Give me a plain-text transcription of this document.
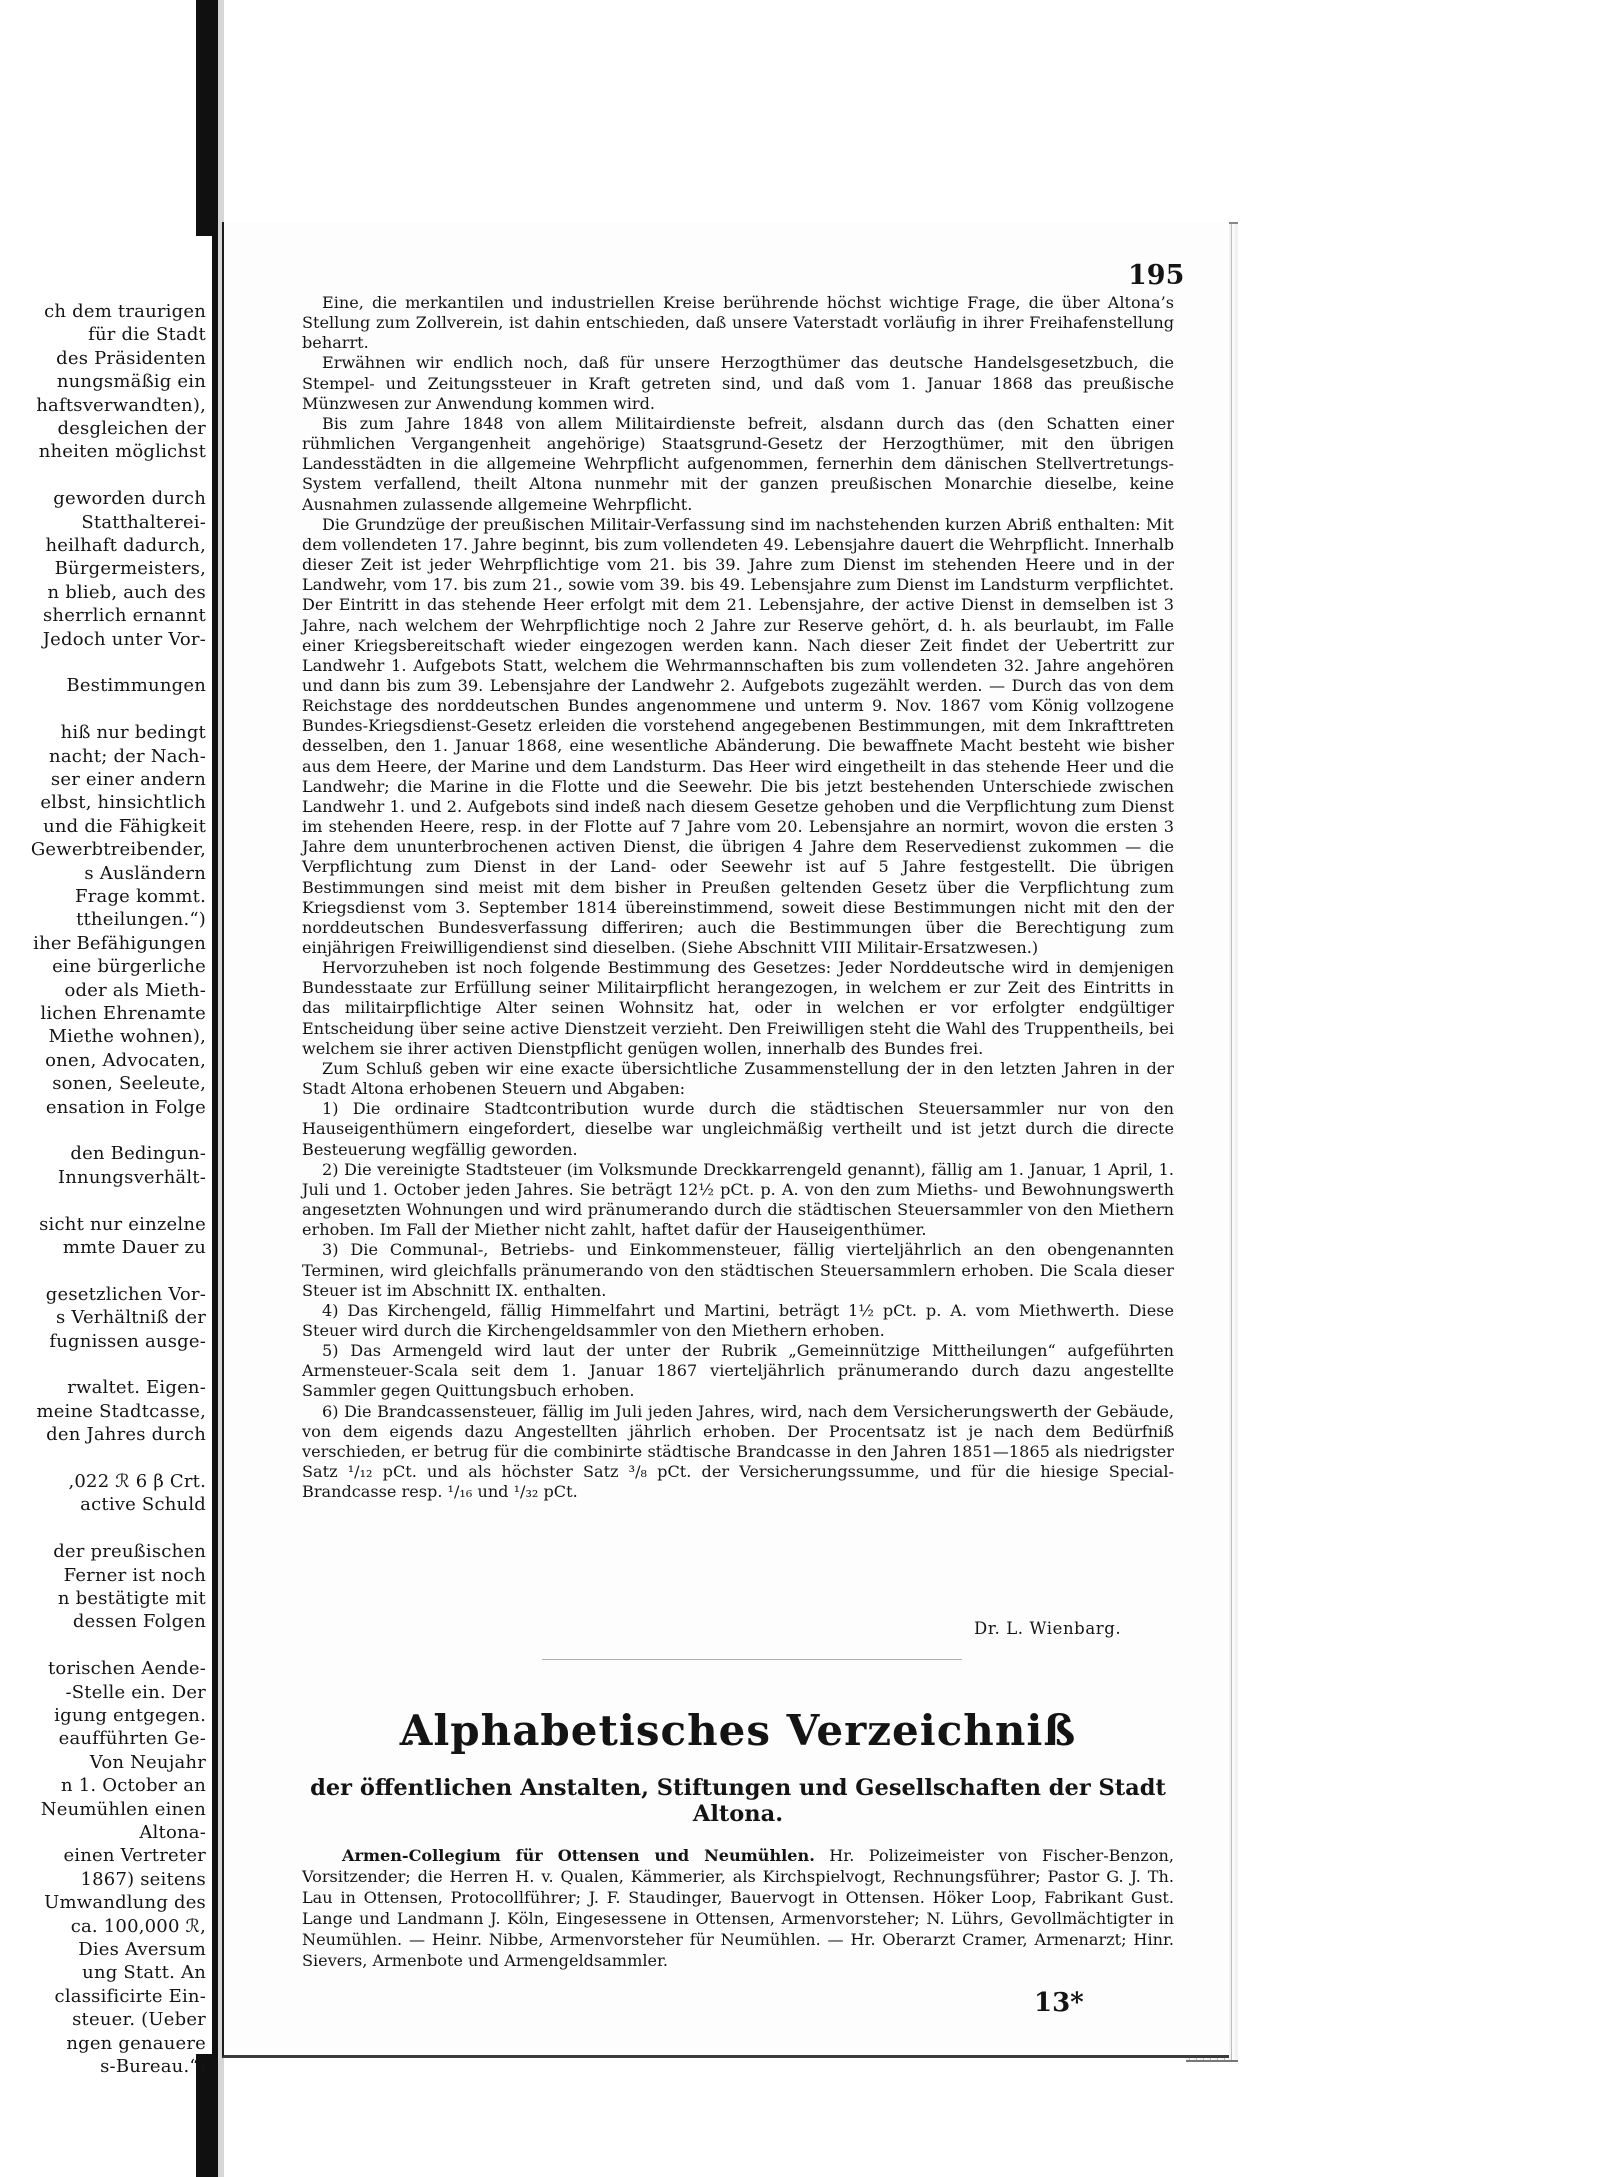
ch dem traurigen
für die Stadt
des Präsidenten
nungsmäßig ein
haftsverwandten),
desgleichen der
nheiten möglichst
geworden durch
Statthalterei-
heilhaft dadurch,
Bürgermeisters,
n blieb, auch des
sherrlich ernannt
Jedoch unter Vor-
Bestimmungen
hiß nur bedingt
nacht; der Nach-
ser einer andern
elbst, hinsichtlich
und die Fähigkeit
Gewerbtreibender,
s Ausländern
Frage kommt.
ttheilungen.“)
iher Befähigungen
eine bürgerliche
oder als Mieth-
lichen Ehrenamte
Miethe wohnen),
onen, Advocaten,
sonen, Seeleute,
ensation in Folge
den Bedingun-
Innungsverhält-
sicht nur einzelne
mmte Dauer zu
gesetzlichen Vor-
s Verhältniß der
fugnissen ausge-
rwaltet. Eigen-
meine Stadtcasse,
den Jahres durch
,022 ℛ 6 β Crt.
active Schuld
der preußischen
Ferner ist noch
n bestätigte mit
dessen Folgen
torischen Aende-
-Stelle ein. Der
igung entgegen.
eaufführten Ge-
Von Neujahr
n 1. October an
Neumühlen einen
Altona-
einen Vertreter
1867) seitens
Umwandlung des
ca. 100,000 ℛ,
Dies Aversum
ung Statt. An
classificirte Ein-
steuer. (Ueber
ngen genauere
s-Bureau.“)
195

Eine, die merkantilen und industriellen Kreise berührende höchst wichtige Frage, die über Altona’s Stellung zum Zollverein, ist dahin entschieden, daß unsere Vaterstadt vorläufig in ihrer Freihafenstellung beharrt.

Erwähnen wir endlich noch, daß für unsere Herzogthümer das deutsche Handelsgesetzbuch, die Stempel- und Zeitungssteuer in Kraft getreten sind, und daß vom 1. Januar 1868 das preußische Münzwesen zur Anwendung kommen wird.

Bis zum Jahre 1848 von allem Militairdienste befreit, alsdann durch das (den Schatten einer rühmlichen Vergangenheit angehörige) Staatsgrund-Gesetz der Herzogthümer, mit den übrigen Landesstädten in die allgemeine Wehrpflicht aufgenommen, fernerhin dem dänischen Stellvertretungs-System verfallend, theilt Altona nunmehr mit der ganzen preußischen Monarchie dieselbe, keine Ausnahmen zulassende allgemeine Wehrpflicht.

Die Grundzüge der preußischen Militair-Verfassung sind im nachstehenden kurzen Abriß enthalten: Mit dem vollendeten 17. Jahre beginnt, bis zum vollendeten 49. Lebensjahre dauert die Wehrpflicht. Innerhalb dieser Zeit ist jeder Wehrpflichtige vom 21. bis 39. Jahre zum Dienst im stehenden Heere und in der Landwehr, vom 17. bis zum 21., sowie vom 39. bis 49. Lebensjahre zum Dienst im Landsturm verpflichtet. Der Eintritt in das stehende Heer erfolgt mit dem 21. Lebensjahre, der active Dienst in demselben ist 3 Jahre, nach welchem der Wehrpflichtige noch 2 Jahre zur Reserve gehört, d. h. als beurlaubt, im Falle einer Kriegsbereitschaft wieder eingezogen werden kann. Nach dieser Zeit findet der Uebertritt zur Landwehr 1. Aufgebots Statt, welchem die Wehrmannschaften bis zum vollendeten 32. Jahre angehören und dann bis zum 39. Lebensjahre der Landwehr 2. Aufgebots zugezählt werden. — Durch das von dem Reichstage des norddeutschen Bundes angenommene und unterm 9. Nov. 1867 vom König vollzogene Bundes-Kriegsdienst-Gesetz erleiden die vorstehend angegebenen Bestimmungen, mit dem Inkrafttreten desselben, den 1. Januar 1868, eine wesentliche Abänderung. Die bewaffnete Macht besteht wie bisher aus dem Heere, der Marine und dem Landsturm. Das Heer wird eingetheilt in das stehende Heer und die Landwehr; die Marine in die Flotte und die Seewehr. Die bis jetzt bestehenden Unterschiede zwischen Landwehr 1. und 2. Aufgebots sind indeß nach diesem Gesetze gehoben und die Verpflichtung zum Dienst im stehenden Heere, resp. in der Flotte auf 7 Jahre vom 20. Lebensjahre an normirt, wovon die ersten 3 Jahre dem ununterbrochenen activen Dienst, die übrigen 4 Jahre dem Reservedienst zukommen — die Verpflichtung zum Dienst in der Land- oder Seewehr ist auf 5 Jahre festgestellt. Die übrigen Bestimmungen sind meist mit dem bisher in Preußen geltenden Gesetz über die Verpflichtung zum Kriegsdienst vom 3. September 1814 übereinstimmend, soweit diese Bestimmungen nicht mit den der norddeutschen Bundesverfassung differiren; auch die Bestimmungen über die Berechtigung zum einjährigen Freiwilligendienst sind dieselben. (Siehe Abschnitt VIII Militair-Ersatzwesen.)

Hervorzuheben ist noch folgende Bestimmung des Gesetzes: Jeder Norddeutsche wird in demjenigen Bundesstaate zur Erfüllung seiner Militairpflicht herangezogen, in welchem er zur Zeit des Eintritts in das militairpflichtige Alter seinen Wohnsitz hat, oder in welchen er vor erfolgter endgültiger Entscheidung über seine active Dienstzeit verzieht. Den Freiwilligen steht die Wahl des Truppentheils, bei welchem sie ihrer activen Dienstpflicht genügen wollen, innerhalb des Bundes frei.

Zum Schluß geben wir eine exacte übersichtliche Zusammenstellung der in den letzten Jahren in der Stadt Altona erhobenen Steuern und Abgaben:

1) Die ordinaire Stadtcontribution wurde durch die städtischen Steuersammler nur von den Hauseigenthümern eingefordert, dieselbe war ungleichmäßig vertheilt und ist jetzt durch die directe Besteuerung wegfällig geworden.

2) Die vereinigte Stadtsteuer (im Volksmunde Dreckkarrengeld genannt), fällig am 1. Januar, 1 April, 1. Juli und 1. October jeden Jahres. Sie beträgt 12½ pCt. p. A. von den zum Mieths- und Bewohnungswerth angesetzten Wohnungen und wird pränumerando durch die städtischen Steuersammler von den Miethern erhoben. Im Fall der Miether nicht zahlt, haftet dafür der Hauseigenthümer.

3) Die Communal-, Betriebs- und Einkommensteuer, fällig vierteljährlich an den obengenannten Terminen, wird gleichfalls pränumerando von den städtischen Steuersammlern erhoben. Die Scala dieser Steuer ist im Abschnitt IX. enthalten.

4) Das Kirchengeld, fällig Himmelfahrt und Martini, beträgt 1½ pCt. p. A. vom Miethwerth. Diese Steuer wird durch die Kirchengeldsammler von den Miethern erhoben.

5) Das Armengeld wird laut der unter der Rubrik „Gemeinnützige Mittheilungen“ aufgeführten Armensteuer-Scala seit dem 1. Januar 1867 vierteljährlich pränumerando durch dazu angestellte Sammler gegen Quittungsbuch erhoben.

6) Die Brandcassensteuer, fällig im Juli jeden Jahres, wird, nach dem Versicherungswerth der Gebäude, von dem eigends dazu Angestellten jährlich erhoben. Der Procentsatz ist je nach dem Bedürfniß verschieden, er betrug für die combinirte städtische Brandcasse in den Jahren 1851—1865 als niedrigster Satz ¹/₁₂ pCt. und als höchster Satz ³/₈ pCt. der Versicherungssumme, und für die hiesige Special-Brandcasse resp. ¹/₁₆ und ¹/₃₂ pCt.

Dr. L. Wienbarg.
Alphabetisches Verzeichniß
der öffentlichen Anstalten, Stiftungen und Gesellschaften der Stadt Altona.

Armen-Collegium für Ottensen und Neumühlen. Hr. Polizeimeister von Fischer-Benzon, Vorsitzender; die Herren H. v. Qualen, Kämmerier, als Kirchspielvogt, Rechnungsführer; Pastor G. J. Th. Lau in Ottensen, Protocollführer; J. F. Staudinger, Bauervogt in Ottensen. Höker Loop, Fabrikant Gust. Lange und Landmann J. Köln, Eingesessene in Ottensen, Armenvorsteher; N. Lührs, Gevollmächtigter in Neumühlen. — Heinr. Nibbe, Armenvorsteher für Neumühlen. — Hr. Oberarzt Cramer, Armenarzt; Hinr. Sievers, Armenbote und Armengeldsammler.

13*
